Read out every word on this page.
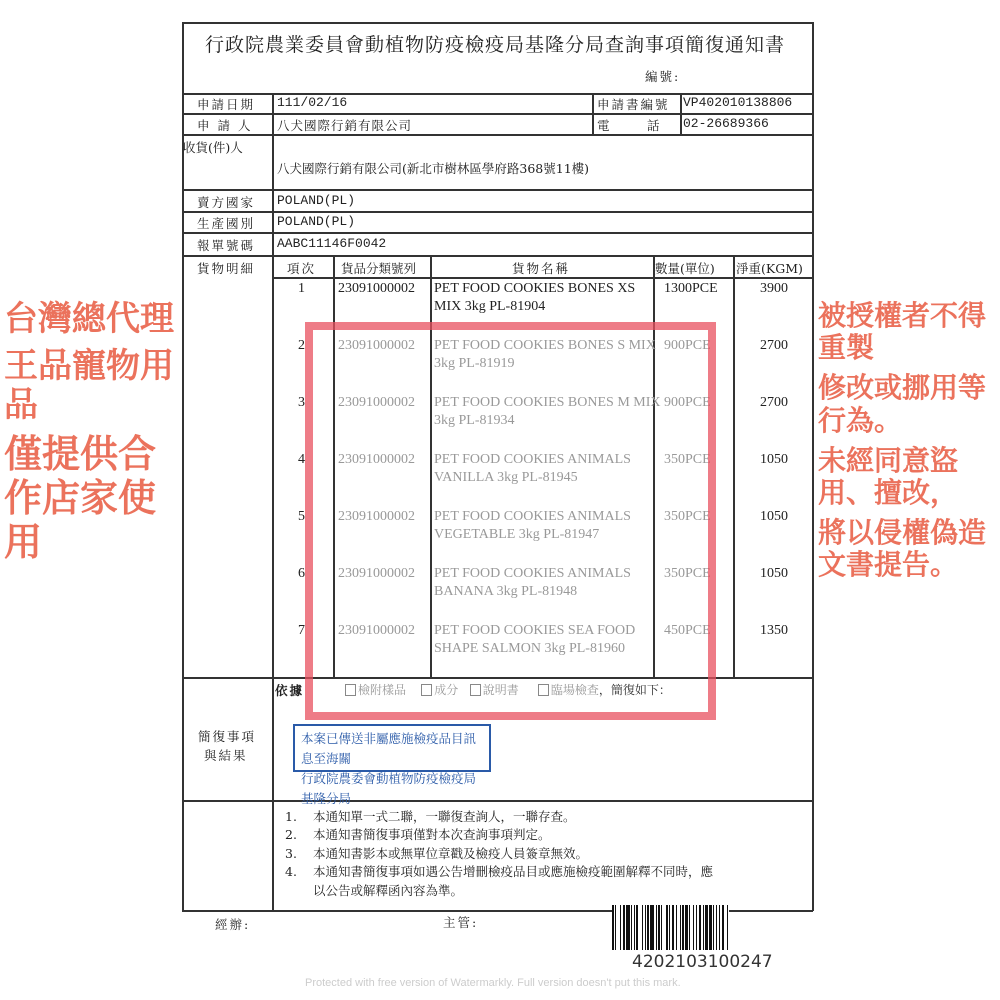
行政院農業委員會動植物防疫檢疫局基隆分局查詢事項簡復通知書
編號:
申請日期 111/02/16	申請書編號 VP402010138806
申 請 人 八犬國際行銷有限公司	電　　　話 02-26689366
收貨(件)人
八犬國際行銷有限公司(新北市樹林區學府路368號11樓)
賣方國家 POLAND(PL)
生產國別 POLAND(PL)
報單號碼 AABC11146F0042
貨物明細	項次 貨品分類號列	貨物名稱	數量(單位) 淨重(KGM)
1 23091000002 PET FOOD COOKIES BONES XS
MIX 3kg PL-81904
1300PCE	3900
2 23091000002 PET FOOD COOKIES BONES S MIX
3kg PL-81919
900PCE	2700
3 23091000002 PET FOOD COOKIES BONES M MIX
3kg PL-81934
900PCE	2700
4 23091000002 PET FOOD COOKIES ANIMALS
VANILLA 3kg PL-81945
350PCE	1050
5 23091000002 PET FOOD COOKIES ANIMALS
VEGETABLE 3kg PL-81947
350PCE	1050
6 23091000002 PET FOOD COOKIES ANIMALS
BANANA 3kg PL-81948
350PCE	1050
7 23091000002 PET FOOD COOKIES SEA FOOD
SHAPE SALMON 3kg PL-81960
450PCE	1350
依據	檢附樣品 成分 說明書	臨場檢查，簡復如下：
簡復事項
與結果
本案已傳送非屬應施檢疫品目訊息至海關
行政院農委會動植物防疫檢疫局基隆分局
1. 本通知單一式二聯，一聯復查詢人，一聯存查。
2. 本通知書簡復事項僅對本次查詢事項判定。
3. 本通知書影本或無單位章戳及檢疫人員簽章無效。
4. 本通知書簡復事項如遇公告增刪檢疫品目或應施檢疫範圍解釋不同時，應
以公告或解釋函內容為準。
經辦:	主管:
4202103100247
Protected with free version of Watermarkly. Full version doesn't put this mark.
台灣總代理
王品寵物用品
僅提供合作店家使用
被授權者不得重製
修改或挪用等行為。
未經同意盜用、擅改，
將以侵權偽造文書提告。
